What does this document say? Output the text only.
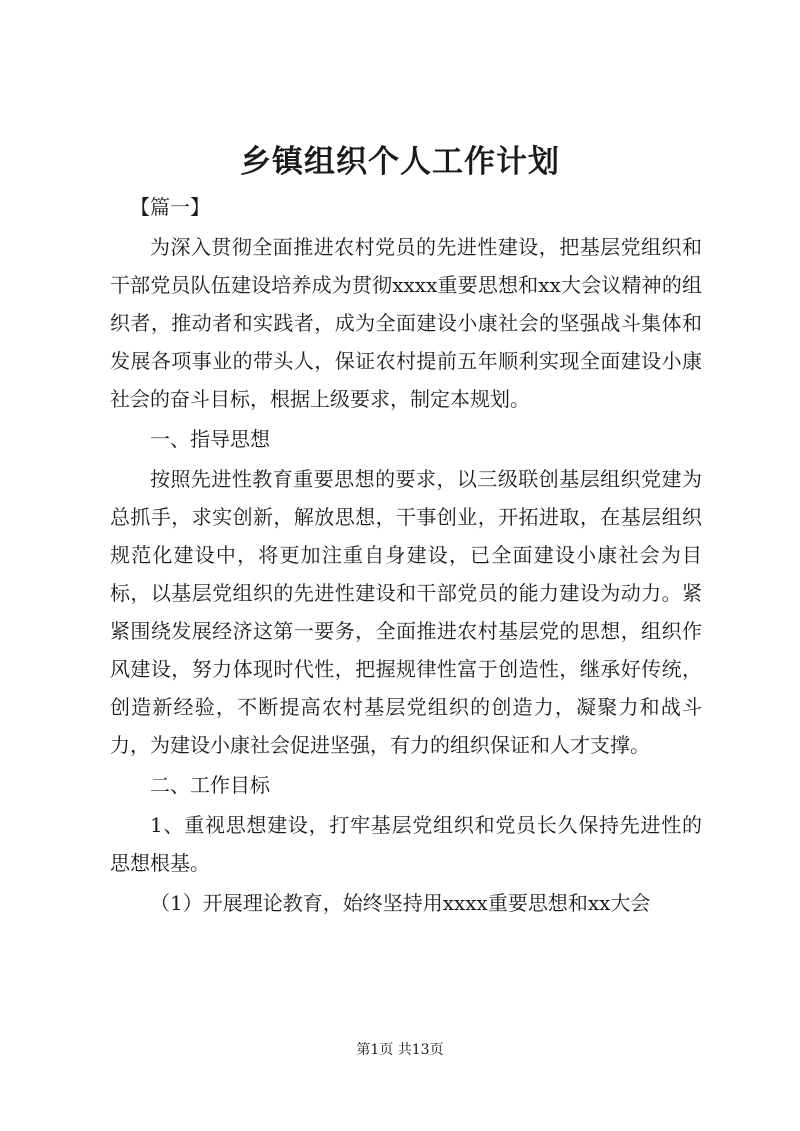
乡镇组织个人工作计划

【篇一】

为深入贯彻全面推进农村党员的先进性建设，把基层党组织和干部党员队伍建设培养成为贯彻xxxx重要思想和xx大会议精神的组织者，推动者和实践者，成为全面建设小康社会的坚强战斗集体和发展各项事业的带头人，保证农村提前五年顺利实现全面建设小康社会的奋斗目标，根据上级要求，制定本规划。

一、指导思想

按照先进性教育重要思想的要求，以三级联创基层组织党建为总抓手，求实创新，解放思想，干事创业，开拓进取，在基层组织规范化建设中，将更加注重自身建设，已全面建设小康社会为目标，以基层党组织的先进性建设和干部党员的能力建设为动力。紧紧围绕发展经济这第一要务，全面推进农村基层党的思想，组织作风建设，努力体现时代性，把握规律性富于创造性，继承好传统，创造新经验，不断提高农村基层党组织的创造力，凝聚力和战斗力，为建设小康社会促进坚强，有力的组织保证和人才支撑。

二、工作目标

1、重视思想建设，打牢基层党组织和党员长久保持先进性的思想根基。

（1）开展理论教育，始终坚持用xxxx重要思想和xx大会

第1页 共13页
